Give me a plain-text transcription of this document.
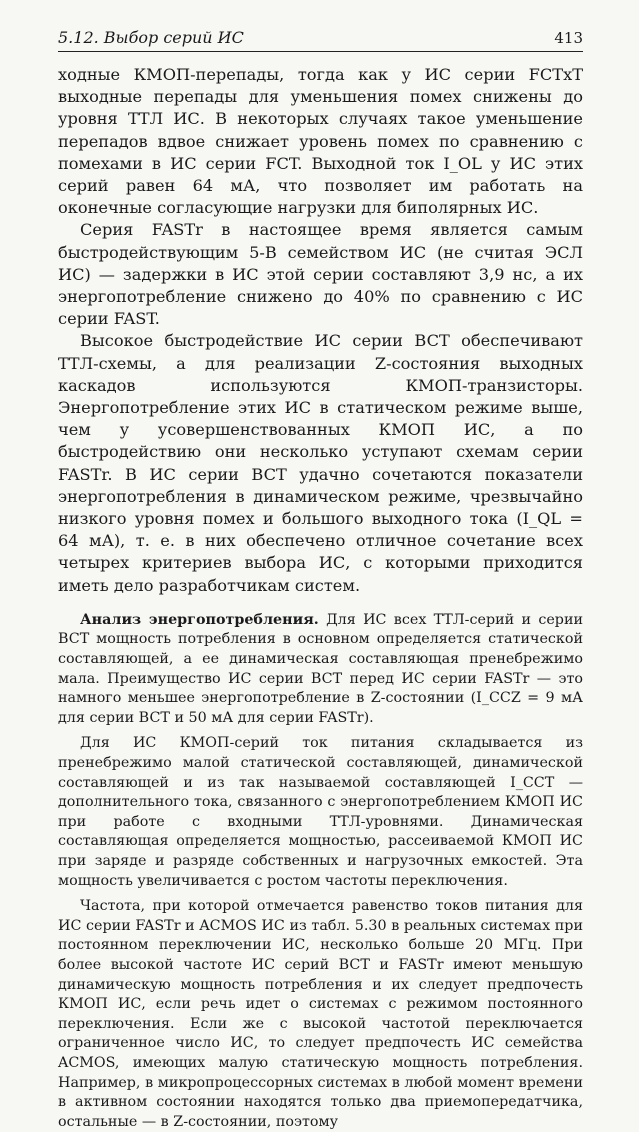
5.12. Выбор серий ИС	413

ходные КМОП-перепады, тогда как у ИС серии FCTxT выходные перепады для уменьшения помех снижены до уровня ТТЛ ИС. В некоторых случаях такое уменьшение перепадов вдвое снижает уровень помех по сравнению с помехами в ИС серии FCT. Выходной ток I_OL у ИС этих серий равен 64 мА, что позволяет им работать на оконечные согласующие нагрузки для биполярных ИС.

Серия FASTr в настоящее время является самым быстродействующим 5-В семейством ИС (не считая ЭСЛ ИС) — задержки в ИС этой серии составляют 3,9 нс, а их энергопотребление снижено до 40% по сравнению с ИС серии FAST.

Высокое быстродействие ИС серии BCT обеспечивают ТТЛ-схемы, а для реализации Z-состояния выходных каскадов используются КМОП-транзисторы. Энергопотребление этих ИС в статическом режиме выше, чем у усовершенствованных КМОП ИС, а по быстродействию они несколько уступают схемам серии FASTr. В ИС серии BCT удачно сочетаются показатели энергопотребления в динамическом режиме, чрезвычайно низкого уровня помех и большого выходного тока (I_QL = 64 мА), т. е. в них обеспечено отличное сочетание всех четырех критериев выбора ИС, с которыми приходится иметь дело разработчикам систем.

Анализ энергопотребления. Для ИС всех ТТЛ-серий и серии BCT мощность потребления в основном определяется статической составляющей, а ее динамическая составляющая пренебрежимо мала. Преимущество ИС серии BCT перед ИС серии FASTr — это намного меньшее энергопотребление в Z-состоянии (I_CCZ = 9 мА для серии BCT и 50 мА для серии FASTr).

Для ИС КМОП-серий ток питания складывается из пренебрежимо малой статической составляющей, динамической составляющей и из так называемой составляющей I_CCT — дополнительного тока, связанного с энергопотреблением КМОП ИС при работе с входными ТТЛ-уровнями. Динамическая составляющая определяется мощностью, рассеиваемой КМОП ИС при заряде и разряде собственных и нагрузочных емкостей. Эта мощность увеличивается с ростом частоты переключения.

Частота, при которой отмечается равенство токов питания для ИС серии FASTr и ACMOS ИС из табл. 5.30 в реальных системах при постоянном переключении ИС, несколько больше 20 МГц. При более высокой частоте ИС серий BCT и FASTr имеют меньшую динамическую мощность потребления и их следует предпочесть КМОП ИС, если речь идет о системах с режимом постоянного переключения. Если же с высокой частотой переключается ограниченное число ИС, то следует предпочесть ИС семейства ACMOS, имеющих малую статическую мощность потребления. Например, в микропроцессорных системах в любой момент времени в активном состоянии находятся только два приемопередатчика, остальные — в Z-состоянии, поэтому
